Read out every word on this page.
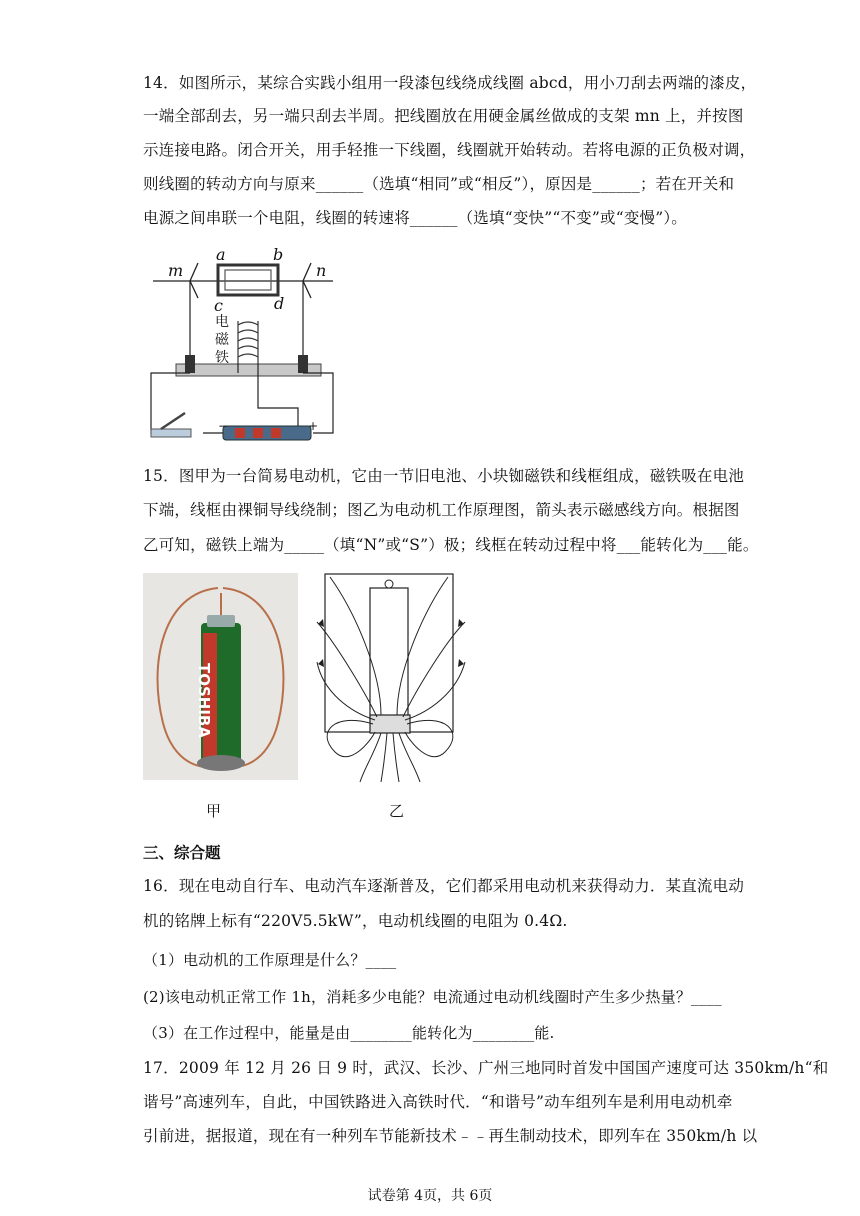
14．如图所示，某综合实践小组用一段漆包线绕成线圈 abcd，用小刀刮去两端的漆皮，
一端全部刮去，另一端只刮去半周。把线圈放在用硬金属丝做成的支架 mn 上，并按图
示连接电路。闭合开关，用手轻推一下线圈，线圈就开始转动。若将电源的正负极对调，
则线圈的转动方向与原来______（选填“相同”或“相反”），原因是______；若在开关和
电源之间串联一个电阻，线圈的转速将______（选填“变快”“不变”或“变慢”）。
a	b
c	d
m	n
电
磁
铁
−	+
15．图甲为一台简易电动机，它由一节旧电池、小块铷磁铁和线框组成，磁铁吸在电池
下端，线框由裸铜导线绕制；图乙为电动机工作原理图，箭头表示磁感线方向。根据图
乙可知，磁铁上端为_____（填“N”或“S”）极；线框在转动过程中将___能转化为___能。
TOSHIBA
甲	乙
三、综合题
16．现在电动自行车、电动汽车逐渐普及，它们都采用电动机来获得动力．某直流电动
机的铭牌上标有“220V5.5kW”，电动机线圈的电阻为 0.4Ω.
（1）电动机的工作原理是什么？____
(2)该电动机正常工作 1h，消耗多少电能？电流通过电动机线圈时产生多少热量？____
（3）在工作过程中，能量是由________能转化为________能.
17．2009 年 12 月 26 日 9 时，武汉、长沙、广州三地同时首发中国国产速度可达 350km/h“和
谐号”高速列车，自此，中国铁路进入高铁时代．“和谐号”动车组列车是利用电动机牵
引前进，据报道，现在有一种列车节能新技术﹣﹣再生制动技术，即列车在 350km/h 以
试卷第 4页，共 6页
